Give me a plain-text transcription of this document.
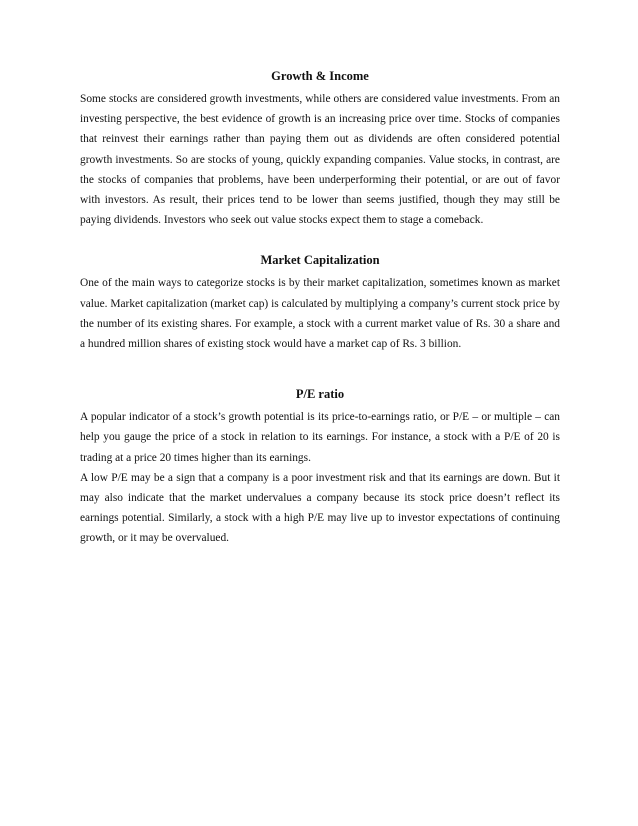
Growth & Income

Some stocks are considered growth investments, while others are considered value investments. From an investing perspective, the best evidence of growth is an increasing price over time. Stocks of companies that reinvest their earnings rather than paying them out as dividends are often considered potential growth investments. So are stocks of young, quickly expanding companies. Value stocks, in contrast, are the stocks of companies that problems, have been underperforming their potential, or are out of favor with investors. As result, their prices tend to be lower than seems justified, though they may still be paying dividends. Investors who seek out value stocks expect them to stage a comeback.

Market Capitalization

One of the main ways to categorize stocks is by their market capitalization, sometimes known as market value. Market capitalization (market cap) is calculated by multiplying a company’s current stock price by the number of its existing shares. For example, a stock with a current market value of Rs. 30 a share and a hundred million shares of existing stock would have a market cap of Rs. 3 billion.

P/E ratio

A popular indicator of a stock’s growth potential is its price-to-earnings ratio, or P/E – or multiple – can help you gauge the price of a stock in relation to its earnings. For instance, a stock with a P/E of 20 is trading at a price 20 times higher than its earnings.

A low P/E may be a sign that a company is a poor investment risk and that its earnings are down. But it may also indicate that the market undervalues a company because its stock price doesn’t reflect its earnings potential. Similarly, a stock with a high P/E may live up to investor expectations of continuing growth, or it may be overvalued.
